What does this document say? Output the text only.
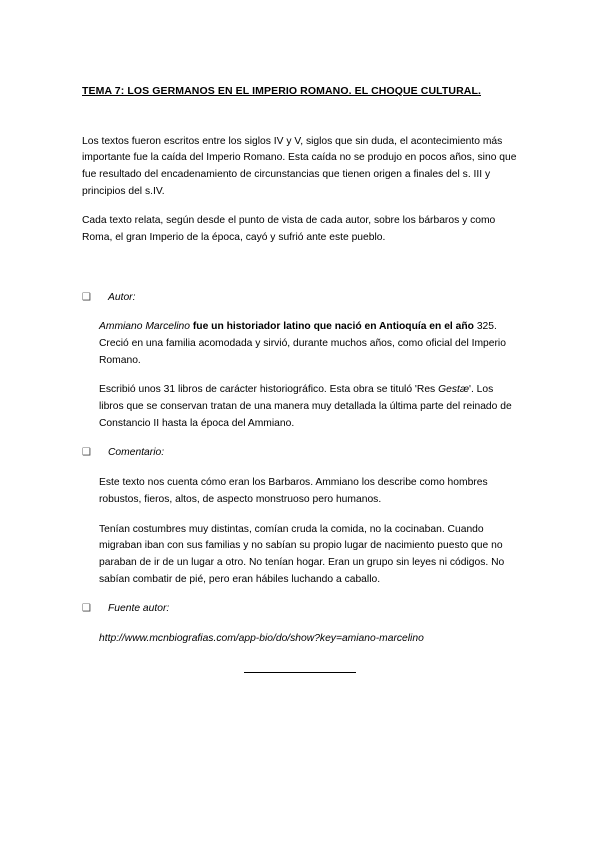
TEMA 7: LOS GERMANOS EN EL IMPERIO ROMANO. EL CHOQUE CULTURAL.

Los textos fueron escritos entre los siglos IV y V, siglos que sin duda, el acontecimiento más importante fue la caída del Imperio Romano. Esta caída no se produjo en pocos años, sino que fue resultado del encadenamiento de circunstancias que tienen origen a finales del s. III y principios del s.IV.

Cada texto relata, según desde el punto de vista de cada autor, sobre los bárbaros y como Roma, el gran Imperio de la época, cayó y sufrió ante este pueblo.

❑	Autor:

Ammiano Marcelino fue un historiador latino que nació en Antioquía en el año 325. Creció en una familia acomodada y sirvió, durante muchos años, como oficial del Imperio Romano.

Escribió unos 31 libros de carácter historiográfico. Esta obra se tituló 'Res Gestæ'. Los libros que se conservan tratan de una manera muy detallada la última parte del reinado de Constancio II hasta la época del Ammiano.

❑	Comentario:

Este texto nos cuenta cómo eran los Barbaros. Ammiano los describe como hombres robustos, fieros, altos, de aspecto monstruoso pero humanos.

Tenían costumbres muy distintas, comían cruda la comida, no la cocinaban. Cuando migraban iban con sus familias y no sabían su propio lugar de nacimiento puesto que no paraban de ir de un lugar a otro. No tenían hogar. Eran un grupo sin leyes ni códigos. No sabían combatir de pié, pero eran hábiles luchando a caballo.

❑	Fuente autor:

http://www.mcnbiografias.com/app-bio/do/show?key=amiano-marcelino
